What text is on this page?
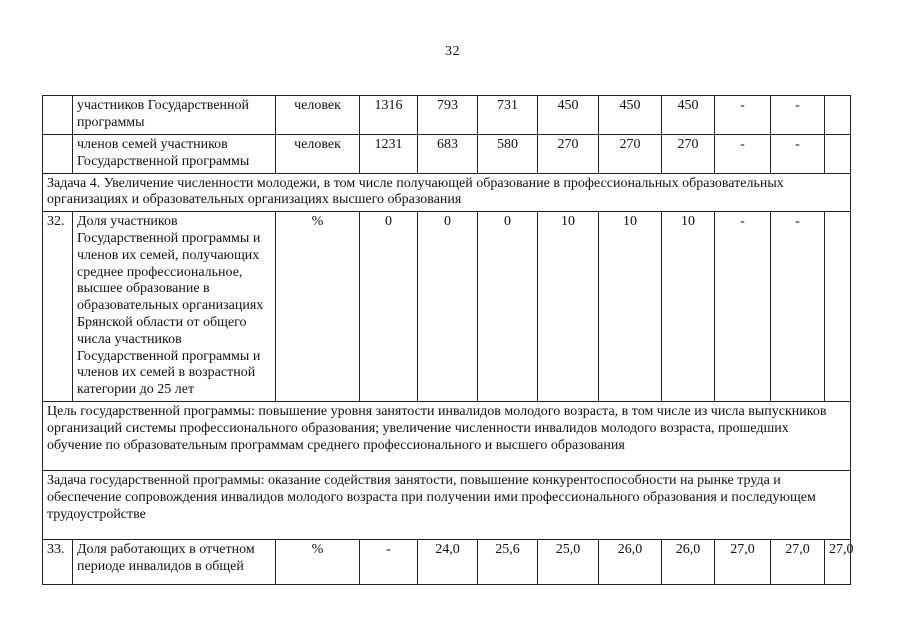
32
	участников Государственной программы	человек	1316	793	731	450	450	450	-	-	
	членов семей участников Государственной программы	человек	1231	683	580	270	270	270	-	-	
Задача 4. Увеличение численности молодежи, в том числе получающей образование в профессиональных образовательных организациях и образовательных организациях высшего образования											
32.	Доля участников Государственной программы и членов их семей, получающих среднее профессиональное, высшее образование в образовательных организациях Брянской области от общего числа участников Государственной программы и членов их семей в возрастной категории до 25 лет	%	0	0	0	10	10	10	-	-	
Цель государственной программы: повышение уровня занятости инвалидов молодого возраста, в том числе из числа выпускников организаций системы профессионального образования; увеличение численности инвалидов молодого возраста, прошедших обучение по образовательным программам среднего профессионального и высшего образования											
Задача государственной программы: оказание содействия занятости, повышение конкурентоспособности на рынке труда и обеспечение сопровождения инвалидов молодого возраста при получении ими профессионального образования и последующем трудоустройстве											
33.	Доля работающих в отчетном периоде инвалидов в общей	%	-	24,0	25,6	25,0	26,0	26,0	27,0	27,0	27,0
